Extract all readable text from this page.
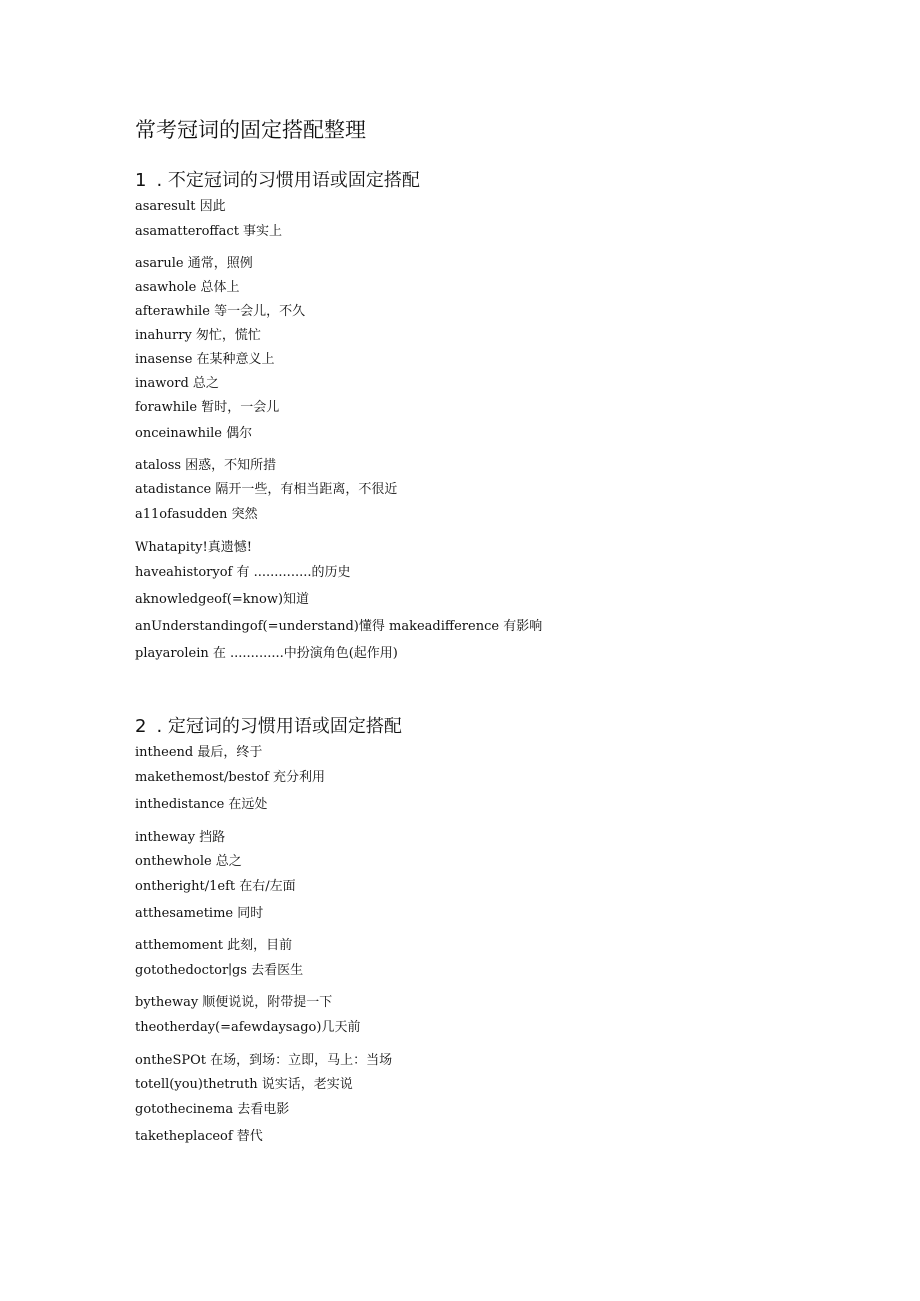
常考冠词的固定搭配整理
1 . 不定冠词的习惯用语或固定搭配
asaresult 因此
asamatteroffact 事实上
asarule 通常，照例
asawhole 总体上
afterawhile 等一会儿，不久
inahurry 匆忙，慌忙
inasense 在某种意义上
inaword 总之
forawhile 暂时，一会儿
onceinawhile 偶尔
ataloss 困惑，不知所措
atadistance 隔开一些，有相当距离，不很近
a11ofasudden 突然
Whatapity!真遗憾!
haveahistoryof 有 ..............的历史
aknowledgeof(=know)知道
anUnderstandingof(=understand)懂得 makeadifference 有影响
playarolein 在 .............中扮演角色(起作用)
2 . 定冠词的习惯用语或固定搭配
intheend 最后，终于
makethemost/bestof 充分利用
inthedistance 在远处
intheway 挡路
onthewhole 总之
ontheright/1eft 在右/左面
atthesametime 同时
atthemoment 此刻，目前
gotothedoctor∣gs 去看医生
bytheway 顺便说说，附带提一下
theotherday(=afewdaysago)几天前
ontheSPOt 在场，到场：立即，马上：当场
totell(you)thetruth 说实话，老实说
gotothecinema 去看电影
taketheplaceof 替代
